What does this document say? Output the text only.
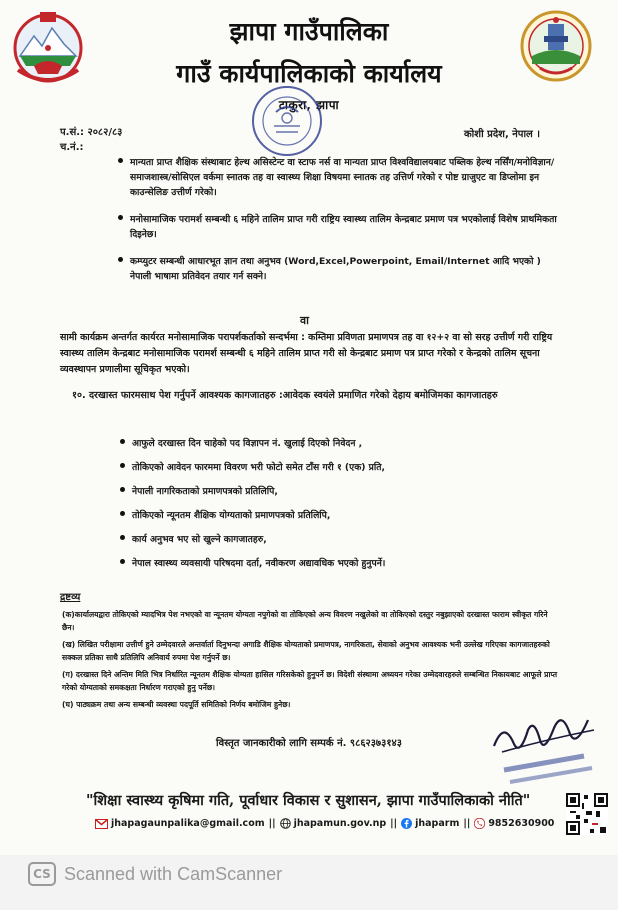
झापा गाउँपालिका
गाउँ कार्यपालिकाको कार्यालय
टाकुरा, झापा
प.सं.: २०८२/८३
च.नं.:
कोशी प्रदेश, नेपाल ।
मान्यता प्राप्त शैक्षिक संस्थाबाट हेल्थ असिस्टेन्ट वा स्टाफ नर्स वा मान्यता प्राप्त विश्वविद्यालयबाट पब्लिक हेल्थ नर्सिंग/मनोविज्ञान/समाजशास्त्र/सोसिएल वर्कमा स्नातक तह वा स्वास्थ्य शिक्षा विषयमा स्नातक तह उत्तिर्ण गरेको र पोष्ट ग्राजुएट वा डिप्लोमा इन काउन्सेलिङ उत्तीर्ण गरेको।
मनोसामाजिक परामर्श सम्बन्धी ६ महिने तालिम प्राप्त गरी राष्ट्रिय स्वास्थ्य तालिम केन्द्रबाट प्रमाण पत्र भएकोलाई विशेष प्राथमिकता दिइनेछ।
कम्प्युटर सम्बन्धी आधारभूत ज्ञान तथा अनुभव (Word,Excel,Powerpoint, Email/Internet आदि भएको ) नेपाली भाषामा प्रतिवेदन तयार गर्न सक्ने।
वा
सामी कार्यक्रम अन्तर्गत कार्यरत मनोसामाजिक परापर्शकर्ताको सन्दर्भमा : कम्तिमा प्रविणता प्रमाणपत्र तह वा १२+२ वा सो सरह उत्तीर्ण गरी राष्ट्रिय स्वास्थ्य तालिम केन्द्रबाट मनोसामाजिक परामर्श सम्बन्धी ६ महिने तालिम प्राप्त गरी सो केन्द्रबाट प्रमाण पत्र प्राप्त गरेको र केन्द्रको तालिम सूचना व्यवस्थापन प्रणालीमा सूचिकृत भएको।
१०. दरखास्त फारमसाथ पेश गर्नुपर्ने आवश्यक कागजातहरु :आवेदक स्वयंले प्रमाणित गरेको देहाय बमोजिमका कागजातहरु
आफुले दरखास्त दिन चाहेको पद विज्ञापन नं. खुलाई दिएको निवेदन ,
तोकिएको आवेदन फारममा विवरण भरी फोटो समेत टाँस गरी १ (एक) प्रति,
नेपाली नागरिकताको प्रमाणपत्रको प्रतिलिपि,
तोकिएको न्यूनतम शैक्षिक योग्यताको प्रमाणपत्रको प्रतिलिपि,
कार्य अनुभव भए सो खुल्ने कागजातहरु,
नेपाल स्वास्थ्य व्यवसायी परिषदमा दर्ता, नवीकरण अद्यावधिक भएको हुनुपर्ने।
द्रष्टव्य

(क)कार्यालयद्वारा तोकिएको म्यादभित्र पेश नभएको वा न्यूनतम योग्यता नपुगेको वा तोकिएको अन्य विवरण नखुलेको वा तोकिएको दस्तुर नबुझाएको दरखास्त फाराम स्वीकृत गरिने छैन।

(ख) लिखित परीक्षामा उत्तीर्ण हुने उम्मेदवारले अन्तर्वार्ता दिनुभन्दा अगाडि शैक्षिक योग्यताको प्रमाणपत्र, नागरिकता, सेवाको अनुभव आवश्यक भनी उल्लेख गरिएका कागजातहरुको सक्कल प्रतिका साथै प्रतिलिपि अनिवार्य रुपमा पेश गर्नुपर्ने छ।

(ग) दरखास्त दिने अन्तिम मिति भित्र निर्धारित न्यूनतम शैक्षिक योग्यता हासिल गरिसकेको हुनुपर्ने छ। विदेशी संस्थामा अध्ययन गरेका उम्मेदवारहरुले सम्बन्धित निकायबाट आफूले प्राप्त गरेको योग्यताको समकक्षता निर्धारण गराएको हुनु पर्नेछ।

(घ) पाठ्यक्रम तथा अन्य सम्बन्धी व्यवस्था पदपूर्ति समितिको निर्णय बमोजिम हुनेछ।

विस्तृत जानकारीको लागि सम्पर्क नं. ९८६२३७३१४३
"शिक्षा स्वास्थ्य कृषिमा गति, पूर्वाधार विकास र सुशासन, झापा गाउँपालिकाको नीति"
jhapagaunpalika@gmail.com || jhapamun.gov.np || jhaparm || 9852630900
CS Scanned with CamScanner
